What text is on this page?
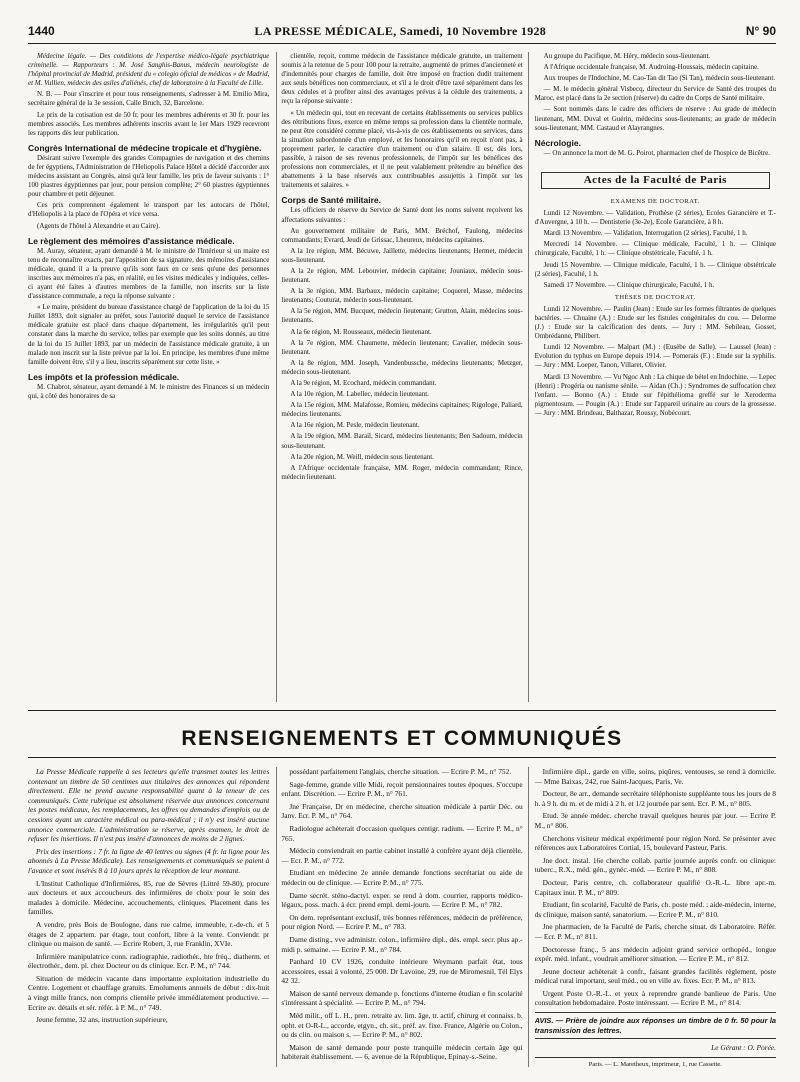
1440	LA PRESSE MÉDICALE, Samedi, 10 Novembre 1928	N° 90

Médecine légale. — Des conditions de l'expertise médico-légale psychiatrique criminelle. — Rapporteurs : M. José Sanghis-Banus, médecin neurologiste de l'hôpital provincial de Madrid, président du « colegio oficial de médicos » de Madrid, et M. Vullien, médecin des asiles d'aliénés, chef de laboratoire à la Faculté de Lille.

N. B. — Pour s'inscrire et pour tous renseignements, s'adresser à M. Emilio Mira, secrétaire général de la 3e session, Calle Bruch, 32, Barcelone.

Le prix de la cotisation est de 50 fr. pour les membres adhérents et 30 fr. pour les membres associés. Les membres adhérents inscrits avant le 1er Mars 1929 recevront les rapports dès leur publication.

Congrès International de médecine tropicale et d'hygiène.

Désirant suivre l'exemple des grandes Compagnies de navigation et des chemins de fer égyptiens, l'Administration de l'Heliopolis Palace Hôtel a décidé d'accorder aux médecins assistant au Congrès, ainsi qu'à leur famille, les prix de faveur suivants : 1° 100 piastres égyptiennes par jour, pour pension complète; 2° 60 piastres égyptiennes pour chambre et petit déjeuner.

Ces prix comprennent également le transport par les autocars de l'hôtel, d'Heliopolis à la place de l'Opéra et vice versa.

(Agents de l'hôtel à Alexandrie et au Caire).

Le règlement des mémoires d'assistance médicale.

M. Auray, sénateur, ayant demandé à M. le ministre de l'Intérieur si un maire est tenu de reconnaître exacts, par l'apposition de sa signature, des mémoires d'assistance médicale, quand il a la preuve qu'ils sont faux en ce sens qu'une des personnes inscrites aux mémoires n'a pas, en réalité, eu les visites médicales y indiquées, celles-ci ayant été faites à d'autres membres de la famille, non inscrits sur la liste d'assistance communale, a reçu la réponse suivante :

« Le maire, président du bureau d'assistance chargé de l'application de la loi du 15 Juillet 1893, doit signaler au préfet, sous l'autorité duquel le service de l'assistance médicale gratuite est placé dans chaque département, les irrégularités qu'il peut constater dans la marche du service, telles par exemple que les soins donnés, au titre de la loi du 15 Juillet 1893, par un médecin de l'assistance médicale gratuite, à un malade non inscrit sur la liste prévue par la loi. En principe, les membres d'une même famille doivent être, s'il y a lieu, inscrits séparément sur cette liste. »

Les impôts et la profession médicale.

M. Chabrot, sénateur, ayant demandé à M. le ministre des Finances si un médecin qui, à côté des honoraires de sa

clientèle, reçoit, comme médecin de l'assistance médicale gratuite, un traitement soumis à la retenue de 5 pour 100 pour la retraite, augmenté de primes d'ancienneté et d'indemnités pour charges de famille, doit être imposé en fraction dudit traitement aux seuls bénéfices non commerciaux, et s'il a le droit d'être taxé séparément dans les deux cédules et à profiter ainsi des avantages prévus à la cédule des traitements, a reçu la réponse suivante :

« Un médecin qui, tout en recevant de certains établissements ou services publics des rétributions fixes, exerce en même temps sa profession dans la clientèle normale, ne peut être considéré comme placé, vis-à-vis de ces établissements ou services, dans la situation subordonnée d'un employé, et les honoraires qu'il en reçoit n'ont pas, à proprement parler, le caractère d'un traitement ou d'un salaire. Il est, dès lors, passible, à raison de ses revenus professionnels, de l'impôt sur les bénéfices des professions non commerciales, et il ne peut valablement prétendre au bénéfice des abattements à la base réservés aux contribuables assujettis à l'impôt sur les traitements et salaires. »

Corps de Santé militaire.

Les officiers de réserve du Service de Santé dont les noms suivent reçoivent les affectations suivantes :

Au gouvernement militaire de Paris, MM. Bréchof, Faulong, médecins commandants; Evrard, Jeudi de Grissac, Lheureux, médecins capitaines.

A la 1re région, MM. Bécuwe, Jaillette, médecins lieutenants; Hermet, médecin sous-lieutenant.

A la 2e région, MM. Lebouvier, médecin capitaine; Jouniaux, médecin sous-lieutenant.

A la 3e région, MM. Barbaux, médecin capitaine; Coquerel, Masse, médecins lieutenants; Couturat, médecin sous-lieutenant.

A la 5e région, MM. Bucquet, médecin lieutenant; Grutton, Alain, médecins sous-lieutenants.

A la 6e région, M. Rousseaux, médecin lieutenant.

A la 7e région, MM. Chaumette, médecin lieutenant; Cavalier, médecin sous-lieutenant.

A la 8e région, MM. Joseph, Vandenbussche, médecins lieutenants; Metzger, médecin sous-lieutenant.

A la 9e région, M. Ecochard, médecin commandant.

A la 10e région, M. Labellec, médecin lieutenant.

A la 15e région, MM. Malafosse, Romieu, médecins capitaines; Rigologe, Paliard, médecins lieutenants.

A la 16e région, M. Pesle, médecin lieutenant.

A la 19e région, MM. Barail, Sicard, médecins lieutenants; Ben Sadoum, médecin sous-lieutenant.

A la 20e région, M. Weill, médecin sous lieutenant.

A l'Afrique occidentale française, MM. Roger, médecin commandant; Rince, médecin lieutenant.

Au groupe du Pacifique, M. Héry, médecin sous-lieutenant.

A l'Afrique occidentale française, M. Audroing-Houssais, médecin capitaine.

Aux troupes de l'Indochine, M. Cao-Tan dit Tao (Si Tan), médecin sous-lieutenant.

— M. le médecin général Visbecq, directeur du Service de Santé des troupes du Maroc, est placé dans la 2e section (réserve) du cadre du Corps de Santé militaire.

— Sont nommés dans le cadre des officiers de réserve : Au grade de médecin lieutenant, MM. Duval et Guérin, médecins sous-lieutenants; au grade de médecin sous-lieutenant, MM. Castaud et Alayrangnes.

Nécrologie.

— On annonce la mort de M. G. Poirot, pharmacien chef de l'hospice de Bicêtre.

Actes de la Faculté de Paris
EXAMENS DE DOCTORAT.

Lundi 12 Novembre. — Validation, Prothèse (2 séries), Ecoles Garancière et T.-d'Auvergne, à 10 h. — Dentisterie (3e-2e), Ecole Garancière, à 8 h.

Mardi 13 Novembre. — Validation, Interrogation (2 séries), Faculté, 1 h.

Mercredi 14 Novembre. — Clinique médicale, Faculté, 1 h. — Clinique chirurgicale, Faculté, 1 h. — Clinique obstétricale, Faculté, 1 h.

Jeudi 15 Novembre. — Clinique médicale, Faculté, 1 h. — Clinique obstétricale (2 séries), Faculté, 1 h.

Samedi 17 Novembre. — Clinique chirurgicale, Faculté, 1 h.

THÈSES DE DOCTORAT.

Lundi 12 Novembre. — Paulin (Jean) : Etude sur les formes filtrantes de quelques bactéries. — Chuaine (A.) : Etude sur les fistules congénitales du cou. — Delorme (J.) : Etude sur la calcification des dents. — Jury : MM. Sebileau, Gosset, Ombrédanne, Philibert.

Lundi 12 Novembre. — Malpart (M.) : (Eusèbe de Salle). — Laussel (Jean) : Evolution du typhus en Europe depuis 1914. — Pomerais (F.) : Etude sur la syphilis. — Jury : MM. Loeper, Tanon, Villaret, Olivier.

Mardi 13 Novembre. — Vu Ngoc Anh : La chique de bétel en Indochine. — Lepec (Henri) : Progéria ou nanisme sénile. — Aidan (Ch.) : Syndromes de suffocation chez l'enfant. — Bonno (A.) : Etude sur l'épithélioma greffé sur le Xeroderma pigmentosum. — Pougin (A.) : Etude sur l'appareil urinaire au cours de la grossesse. — Jury : MM. Brindeau, Balthazar, Roussy, Nobécourt.

RENSEIGNEMENTS ET COMMUNIQUÉS

La Presse Médicale rappelle à ses lecteurs qu'elle transmet toutes les lettres contenant un timbre de 50 centimes aux titulaires des annonces qui répondent directement. Elle ne prend aucune responsabilité quant à la teneur de ces communiqués. Cette rubrique est absolument réservée aux annonces concernant les postes médicaux, les remplacements, les offres ou demandes d'emplois ou de cessions ayant un caractère médical ou para-médical ; il n'y est inséré aucune annonce commerciale. L'administration se réserve, après examen, le droit de refuser les insertions. Il n'est pas inséré d'annonces de moins de 2 lignes.

Prix des insertions : 7 fr. la ligne de 40 lettres ou signes (4 fr. la ligne pour les abonnés à La Presse Médicale). Les renseignements et communiqués se paient à l'avance et sont insérés 8 à 10 jours après la réception de leur montant.

L'Institut Catholique d'Infirmières, 85, rue de Sèvres (Littré 59-80), procure aux docteurs et aux accoucheurs des infirmières de choix pour le soin des malades à domicile. Médecine, accouchements, cliniques. Placement dans les familles.

A vendre, près Bois de Boulogne, dans rue calme, immeuble, r.-de-ch. et 5 étages de 2 appartem. par étage, tout confort, libre à la vente. Conviendr. pr clinique ou maison de santé. — Ecrire Robert, 3, rue Franklin, XVIe.

Infirmière manipulatrice conn. radiographie, radiothér., hte fréq., diatherm. et électrothér., dem. pl. chez Docteur ou ds clinique. Ecr. P. M., n° 744.

Situation de médecin vacante dans importante exploitation industrielle du Centre. Logement et chauffage gratuits. Emoluments annuels de début : dix-huit à vingt mille francs, non compris clientèle privée immédiatement productive. — Ecrire av. détails et sér. référ. à P. M., n° 749.

Jeune femme, 32 ans, instruction supérieure,

possédant parfaitement l'anglais, cherche situation. — Ecrire P. M., n° 752.

Sage-femme, grande ville Midi, reçoit pensionnaires toutes époques. S'occupe enfant. Discrétion. — Ecrire P. M., n° 761.

Jne Française, Dr en médecine, cherche situation médicale à partir Déc. ou Janv. Ecr. P. M., n° 764.

Radiologue achèterait d'occasion quelques centigr. radium. — Ecrire P. M., n° 765.

Médecin conviendrait en partie cabinet installé à confrère ayant déjà clientèle. — Ecr. P. M., n° 772.

Etudiant en médecine 2e année demande fonctions secrétariat ou aide de médecin ou de clinique. — Ecrire P. M., n° 775.

Dame secrét. sténo-dactyl. exper. se rend à dom. courrier, rapports médico-légaux, poss. mach. à écr. prend empl. demi-journ. — Ecrire P. M., n° 782.

On dem. représentant exclusif, très bonnes références, médecin de préférence, pour région Nord. — Ecrire P. M., n° 783.

Dame disting., vve administr. colon., infirmière dipl., dés. empl. secr. plus ap.-midi p. semaine. — Ecrire P. M., n° 784.

Panhard 10 CV 1926, conduite intérieure Weymann parfait état, tous accessoires, essai à volonté, 25 000. Dr Lavoine, 29, rue de Miromesnil, Tél Elys 42 32.

Maison de santé nerveux demande p. fonctions d'interne étudian e fin scolarité s'intéressant à spécialité. — Ecrire P. M., n° 794.

Méd milit., off L. H., pren. retraite av. lim. âge, tr. actif, chirurg et connaiss. b. opht. et O-R-L., accorde, etgyn., ch. sit., préf. av. fixe. France, Algérie ou Colon., ou ds clin. ou maison s. — Ecrire P. M., n° 802.

Maison de santé demande pour poste tranquille médecin certain âge qui habiterait établissement. — 6, avenue de la République, Epinay-s.-Seine.

Infirmière dipl., garde en ville, soins, piqûres, ventouses, se rend à domicile. — Mme Baixas, 242, rue Saint-Jacques, Paris, Ve.

Docteur, 8e arr., demande secrétaire téléphoniste suppléante tous les jours de 8 h. à 9 h. du m. et de midi à 2 h. et 1/2 journée par sem. Ecr. P. M., n° 805.

Etud. 3e année médec. cherche travail quelques heures par jour. — Ecrire P. M., n° 806.

Cherchons visiteur médical expérimenté pour région Nord. Se présenter avec références aux Laboratoires Cortial, 15, boulevard Pasteur, Paris.

Jne doct. instal. 16e cherche collab. partie journée auprès confr. ou clinique: tuberc., R.X., méd. gén., gynéc.-méd. — Ecrire P. M., n° 808.

Docteur, Paris centre, ch. collaborateur qualifié O.-R.-L. libre apr.-m. Capitaux inut. P. M., n° 809.

Etudiant, fin scolarité, Faculté de Paris, ch. poste méd. : aide-médecin, interne, ds clinique, maison santé, sanatorium. — Ecrire P. M., n° 810.

Jne pharmacien, de la Faculté de Paris, cherche situat. ds Laboratoire. Référ. — Ecr. P. M., n° 811.

Doctoresse franç., 5 ans médecin adjoint grand service orthopéd., longue expér. méd. infant., voudrait améliorer situation. — Ecrire P. M., n° 812.

Jeune docteur achèterait à confr., faisant grandes facilités règlement, poste médical rural important, seul méd., ou en ville av. fixes. Ecr. P. M., n° 813.

Urgent Poste O.-R.-L. et yeux à reprendre grande banlieue de Paris. Une consultation hebdomadaire. Poste intéressant. — Ecrire P. M., n° 814.

AVIS. — Prière de joindre aux réponses un timbre de 0 fr. 50 pour la transmission des lettres.
Le Gérant : O. Porée.
Paris. — L. Maretheux, imprimeur, 1, rue Cassette.
